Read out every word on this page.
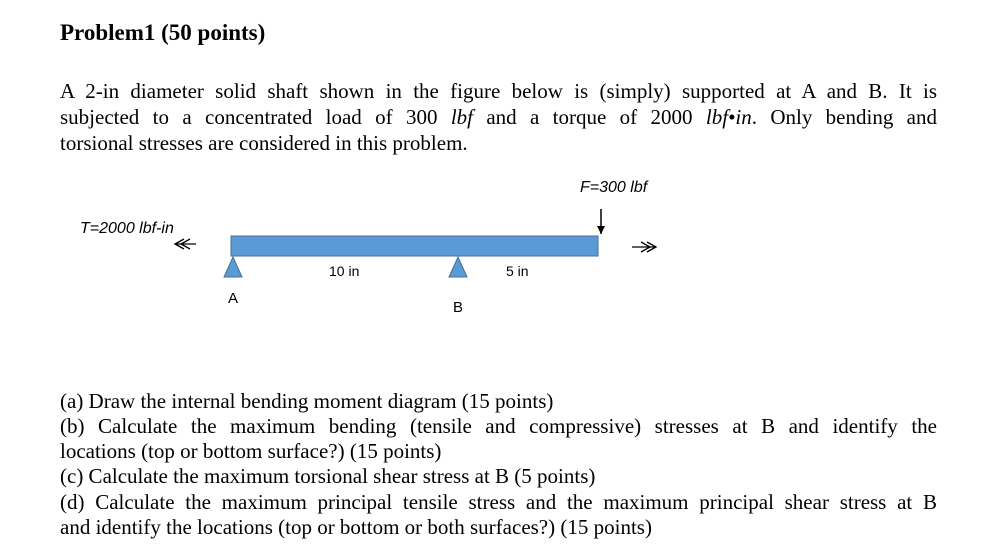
Problem1 (50 points)
A 2-in diameter solid shaft shown in the figure below is (simply) supported at A and B. It is
subjected to a concentrated load of 300 lbf and a torque of 2000 lbf•in. Only bending and
torsional stresses are considered in this problem.
F=300 lbf
T=2000 lbf-in
10 in	5 in
A
B
(a) Draw the internal bending moment diagram (15 points)
(b) Calculate the maximum bending (tensile and compressive) stresses at B and identify the
locations (top or bottom surface?) (15 points)
(c) Calculate the maximum torsional shear stress at B (5 points)
(d) Calculate the maximum principal tensile stress and the maximum principal shear stress at B
and identify the locations (top or bottom or both surfaces?) (15 points)
